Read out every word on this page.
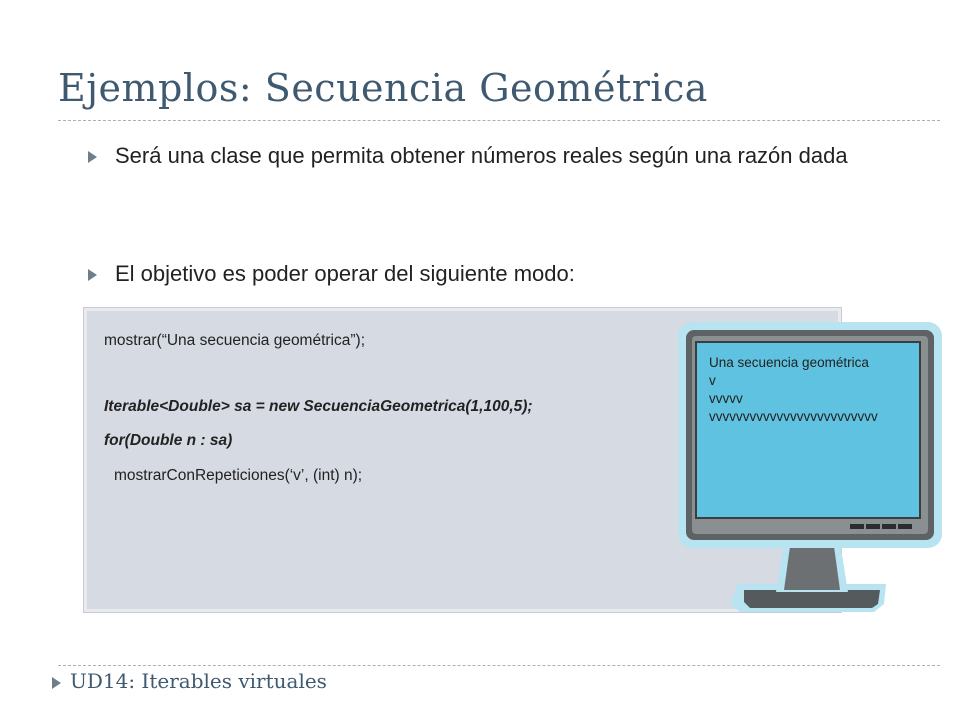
Ejemplos: Secuencia Geométrica
Será una clase que permita obtener números reales según una razón dada
El objetivo es poder operar del siguiente modo:
mostrar(“Una secuencia geométrica”);
Iterable<Double> sa = new SecuenciaGeometrica(1,100,5);
for(Double n : sa)
mostrarConRepeticiones(‘v’, (int) n);
Una secuencia geométrica
v
vvvvv
vvvvvvvvvvvvvvvvvvvvvvvvv
UD14: Iterables virtuales
